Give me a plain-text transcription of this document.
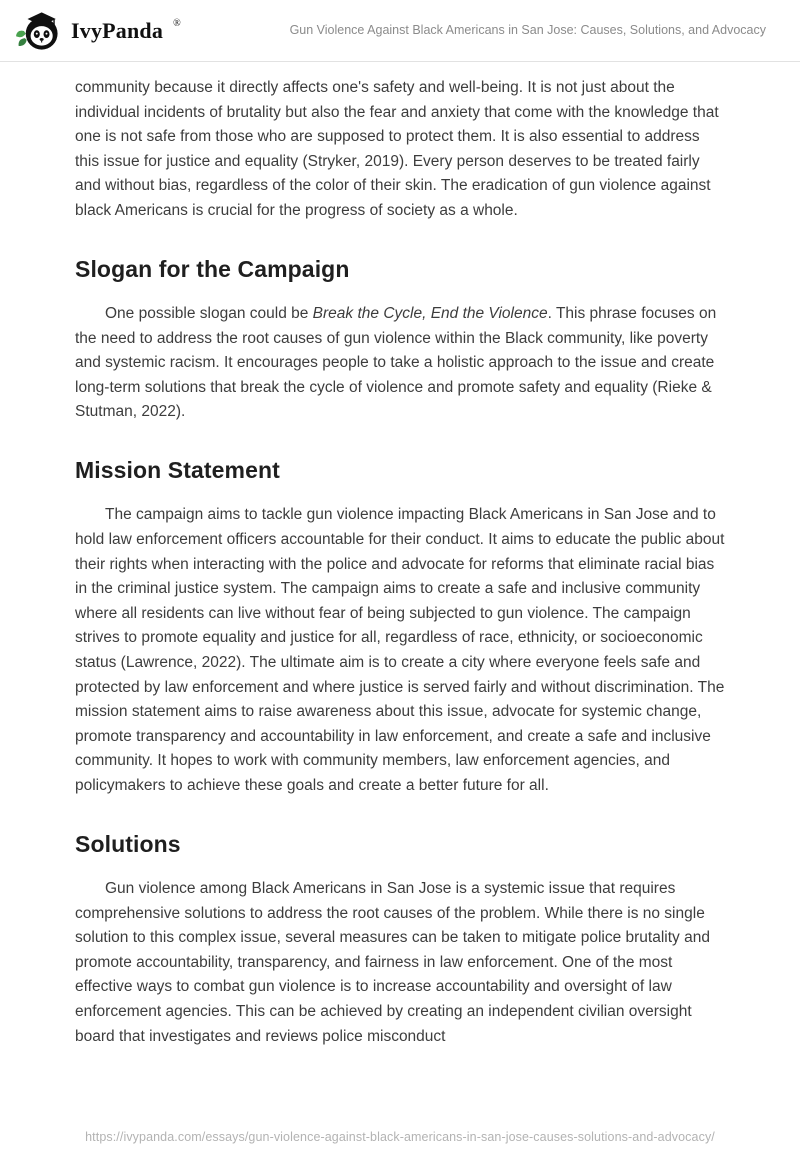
IvyPanda ®	Gun Violence Against Black Americans in San Jose: Causes, Solutions, and Advocacy

community because it directly affects one's safety and well-being. It is not just about the individual incidents of brutality but also the fear and anxiety that come with the knowledge that one is not safe from those who are supposed to protect them. It is also essential to address this issue for justice and equality (Stryker, 2019). Every person deserves to be treated fairly and without bias, regardless of the color of their skin. The eradication of gun violence against black Americans is crucial for the progress of society as a whole.

Slogan for the Campaign

One possible slogan could be Break the Cycle, End the Violence. This phrase focuses on the need to address the root causes of gun violence within the Black community, like poverty and systemic racism. It encourages people to take a holistic approach to the issue and create long-term solutions that break the cycle of violence and promote safety and equality (Rieke & Stutman, 2022).

Mission Statement

The campaign aims to tackle gun violence impacting Black Americans in San Jose and to hold law enforcement officers accountable for their conduct. It aims to educate the public about their rights when interacting with the police and advocate for reforms that eliminate racial bias in the criminal justice system. The campaign aims to create a safe and inclusive community where all residents can live without fear of being subjected to gun violence. The campaign strives to promote equality and justice for all, regardless of race, ethnicity, or socioeconomic status (Lawrence, 2022). The ultimate aim is to create a city where everyone feels safe and protected by law enforcement and where justice is served fairly and without discrimination. The mission statement aims to raise awareness about this issue, advocate for systemic change, promote transparency and accountability in law enforcement, and create a safe and inclusive community. It hopes to work with community members, law enforcement agencies, and policymakers to achieve these goals and create a better future for all.

Solutions

Gun violence among Black Americans in San Jose is a systemic issue that requires comprehensive solutions to address the root causes of the problem. While there is no single solution to this complex issue, several measures can be taken to mitigate police brutality and promote accountability, transparency, and fairness in law enforcement. One of the most effective ways to combat gun violence is to increase accountability and oversight of law enforcement agencies. This can be achieved by creating an independent civilian oversight board that investigates and reviews police misconduct

https://ivypanda.com/essays/gun-violence-against-black-americans-in-san-jose-causes-solutions-and-advocacy/
